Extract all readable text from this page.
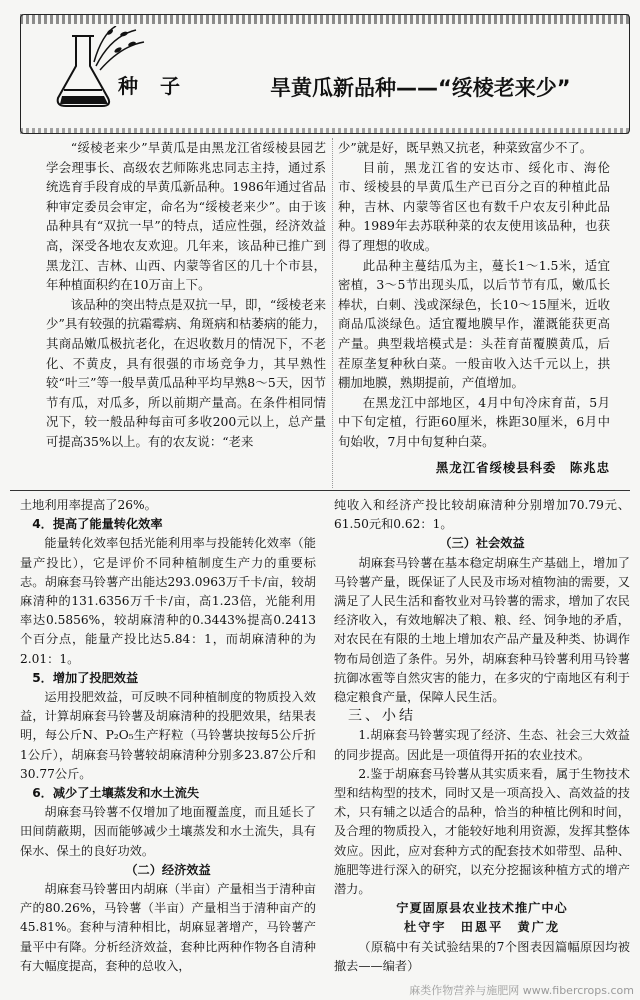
种子	旱黄瓜新品种——“绥棱老来少”

“绥棱老来少”旱黄瓜是由黑龙江省绥棱县园艺学会理事长、高级农艺师陈兆忠同志主持，通过系统选育手段育成的旱黄瓜新品种。1986年通过省品种审定委员会审定，命名为“绥棱老来少”。由于该品种具有“双抗一早”的特点，适应性强，经济效益高，深受各地农友欢迎。几年来，该品种已推广到黑龙江、吉林、山西、内蒙等省区的几十个市县，年种植面积约在10万亩上下。

该品种的突出特点是双抗一早，即，“绥棱老来少”具有较强的抗霜霉病、角斑病和枯萎病的能力，其商品嫩瓜极抗老化，在迟收数月的情况下，不老化、不黄皮，具有很强的市场竞争力，其早熟性较“叶三”等一般旱黄瓜品种平均早熟8～5天，因节节有瓜，对瓜多，所以前期产量高。在条件相同情况下，较一般品种每亩可多收200元以上，总产量可提高35%以上。有的农友说：“老来

少”就是好，既早熟又抗老，种菜致富少不了。

目前，黑龙江省的安达市、绥化市、海伦市、绥棱县的旱黄瓜生产已百分之百的种植此品种，吉林、内蒙等省区也有数千户农友引种此品种。1989年去苏联种菜的农友使用该品种，也获得了理想的收成。

此品种主蔓结瓜为主，蔓长1～1.5米，适宜密植，3～5节出现头瓜，以后节节有瓜，嫩瓜长棒状，白刺、浅或深绿色，长10～15厘米，近收商品瓜淡绿色。适宜覆地膜早作，灌溉能获更高产量。典型栽培模式是：头茬育苗覆膜黄瓜，后茬原垄复种秋白菜。一般亩收入达千元以上，拱棚加地膜，熟期提前，产值增加。

在黑龙江中部地区，4月中旬冷床育苗，5月中下旬定植，行距60厘米，株距30厘米，6月中旬始收，7月中旬复种白菜。

黑龙江省绥棱县科委　陈兆忠

土地利用率提高了26%。

4．提高了能量转化效率

能量转化效率包括光能利用率与投能转化效率（能量产投比），它是评价不同种植制度生产力的重要标志。胡麻套马铃薯产出能达293.0963万千卡/亩，较胡麻清种的131.6356万千卡/亩，高1.23倍，光能利用率达0.5856%，较胡麻清种的0.3443%提高0.2413个百分点，能量产投比达5.84：1，而胡麻清种的为2.01：1。

5．增加了投肥效益

运用投肥效益，可反映不同种植制度的物质投入效益，计算胡麻套马铃薯及胡麻清种的投肥效果，结果表明，每公斤N、P₂O₅生产籽粒（马铃薯块按每5公斤折1公斤），胡麻套马铃薯较胡麻清种分别多23.87公斤和30.77公斤。

6．减少了土壤蒸发和水土流失

胡麻套马铃薯不仅增加了地面覆盖度，而且延长了田间荫蔽期，因而能够减少土壤蒸发和水土流失，具有保水、保土的良好功效。

（二）经济效益

胡麻套马铃薯田内胡麻（半亩）产量相当于清种亩产的80.26%，马铃薯（半亩）产量相当于清种亩产的45.81%。套种与清种相比，胡麻显著增产，马铃薯产量平中有降。分析经济效益，套种比两种作物各自清种有大幅度提高，套种的总收入，

纯收入和经济产投比较胡麻清种分别增加70.79元、61.50元和0.62：1。

（三）社会效益

胡麻套马铃薯在基本稳定胡麻生产基础上，增加了马铃薯产量，既保证了人民及市场对植物油的需要，又满足了人民生活和畜牧业对马铃薯的需求，增加了农民经济收入，有效地解决了粮、粮、经、饲争地的矛盾，对农民在有限的土地上增加农产品产量及种类、协调作物布局创造了条件。另外，胡麻套种马铃薯利用马铃薯抗御冰雹等自然灾害的能力，在多灾的宁南地区有利于稳定粮食产量，保障人民生活。

三、小结

1.胡麻套马铃薯实现了经济、生态、社会三大效益的同步提高。因此是一项值得开拓的农业技术。

2.鉴于胡麻套马铃薯从其实质来看，属于生物技术型和结构型的技术，同时又是一项高投入、高效益的技术，只有辅之以适合的品种，恰当的种植比例和时间，及合理的物质投入，才能较好地利用资源，发挥其整体效应。因此，应对套种方式的配套技术如带型、品种、施肥等进行深入的研究，以充分挖掘该种植方式的增产潜力。

宁夏固原县农业技术推广中心

杜守宇　田恩平　黄广龙

（原稿中有关试验结果的7个图表因篇幅原因均被撤去——编者）

麻类作物营养与施肥网 www.fibercrops.com
